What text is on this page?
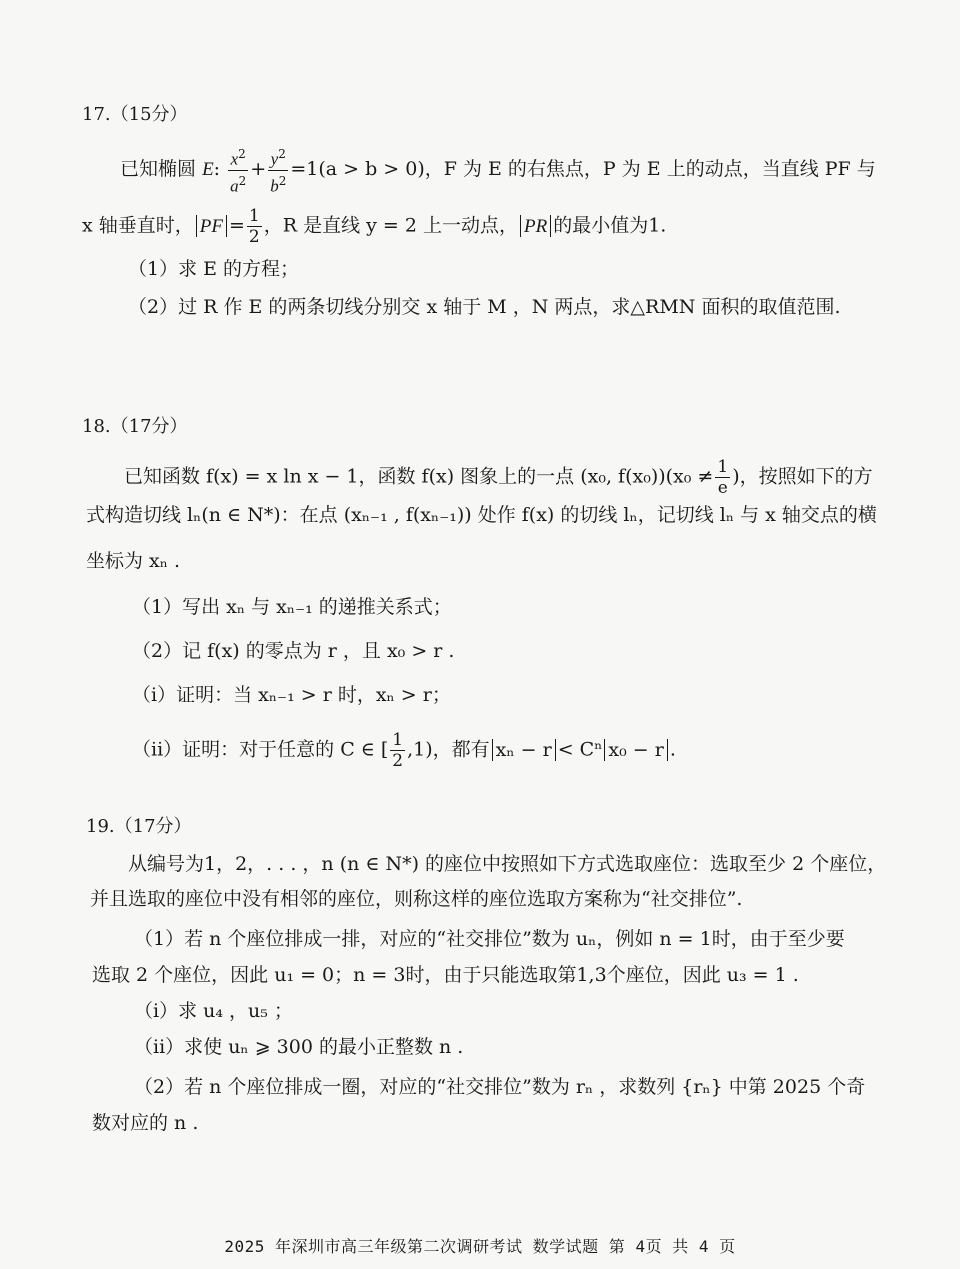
17.（15分）
已知椭圆 E: $\frac{x^2}{a^2} + \frac{y^2}{b^2} =1(a > b > 0)$，F 为 E 的右焦点，P 为 E 上的动点，当直线 PF 与
x 轴垂直时， PF = $\frac{1}{2}$ ，R 是直线 y = 2 上一动点， PR 的最小值为1.
（1）求 E 的方程；
（2）过 R 作 E 的两条切线分别交 x 轴于 M ，N 两点，求△RMN 面积的取值范围.
18.（17分）
已知函数 f(x) = x ln x − 1，函数 f(x) 图象上的一点 (x₀, $f(x_0))(x_0 \ne \frac{1}{e}$ )，按照如下的方
式构造切线 lₙ(n ∈ N*)：在点 (xₙ₋₁ , f(xₙ₋₁)) 处作 f(x) 的切线 lₙ，记切线 lₙ 与 x 轴交点的横
坐标为 xₙ .
（1）写出 xₙ 与 xₙ₋₁ 的递推关系式；
（2）记 f(x) 的零点为 r ，且 x₀ > r .
（i）证明：当 xₙ₋₁ > r 时，xₙ > r；
（ii）证明：对于任意的 C ∈ [ $\frac{1}{2} ,1$)，都有 xₙ − r < Cⁿ x₀ − r .
19.（17分）
从编号为1，2，. . . ，n (n ∈ N*) 的座位中按照如下方式选取座位：选取至少 2 个座位，
并且选取的座位中没有相邻的座位，则称这样的座位选取方案称为“社交排位”.
（1）若 n 个座位排成一排，对应的“社交排位”数为 uₙ，例如 n = 1时，由于至少要
选取 2 个座位，因此 u₁ = 0；n = 3时，由于只能选取第1,3个座位，因此 u₃ = 1 .
（i）求 u₄ ，u₅ ；
（ii）求使 uₙ ⩾ 300 的最小正整数 n .
（2）若 n 个座位排成一圈，对应的“社交排位”数为 rₙ ，求数列 {rₙ} 中第 2025 个奇
数对应的 n .
2025 年深圳市高三年级第二次调研考试 数学试题 第 4页 共 4 页
